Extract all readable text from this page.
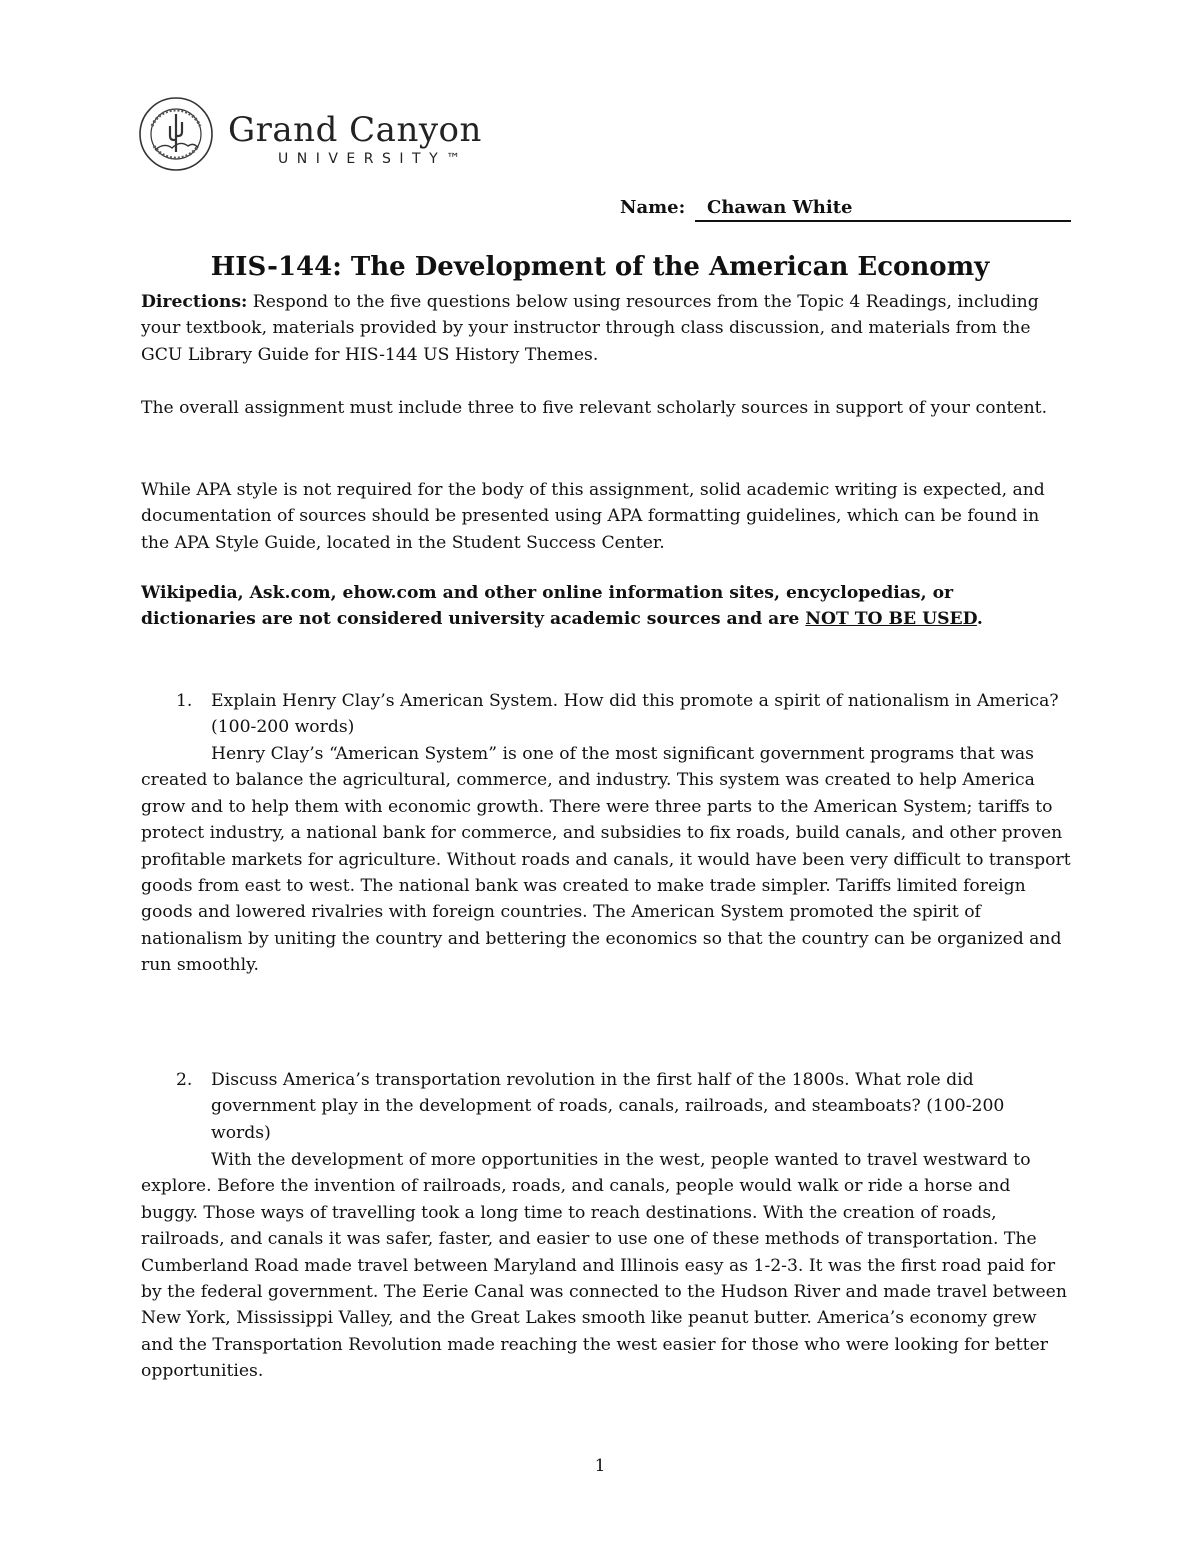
Grand Canyon
UNIVERSITY™
Name:	Chawan White
HIS-144: The Development of the American Economy

Directions: Respond to the five questions below using resources from the Topic 4 Readings, including your textbook, materials provided by your instructor through class discussion, and materials from the GCU Library Guide for HIS-144 US History Themes.

The overall assignment must include three to five relevant scholarly sources in support of your content.

While APA style is not required for the body of this assignment, solid academic writing is expected, and documentation of sources should be presented using APA formatting guidelines, which can be found in the APA Style Guide, located in the Student Success Center.

Wikipedia, Ask.com, ehow.com and other online information sites, encyclopedias, or dictionaries are not considered university academic sources and are NOT TO BE USED.

1. Explain Henry Clay’s American System. How did this promote a spirit of nationalism in America? (100-200 words)

Henry Clay’s “American System” is one of the most significant government programs that was created to balance the agricultural, commerce, and industry. This system was created to help America grow and to help them with economic growth. There were three parts to the American System; tariffs to protect industry, a national bank for commerce, and subsidies to fix roads, build canals, and other proven profitable markets for agriculture. Without roads and canals, it would have been very difficult to transport goods from east to west. The national bank was created to make trade simpler. Tariffs limited foreign goods and lowered rivalries with foreign countries. The American System promoted the spirit of nationalism by uniting the country and bettering the economics so that the country can be organized and run smoothly.

2. Discuss America’s transportation revolution in the first half of the 1800s. What role did government play in the development of roads, canals, railroads, and steamboats? (100-200 words)

With the development of more opportunities in the west, people wanted to travel westward to explore. Before the invention of railroads, roads, and canals, people would walk or ride a horse and buggy. Those ways of travelling took a long time to reach destinations. With the creation of roads, railroads, and canals it was safer, faster, and easier to use one of these methods of transportation. The Cumberland Road made travel between Maryland and Illinois easy as 1-2-3. It was the first road paid for by the federal government. The Eerie Canal was connected to the Hudson River and made travel between New York, Mississippi Valley, and the Great Lakes smooth like peanut butter. America’s economy grew and the Transportation Revolution made reaching the west easier for those who were looking for better opportunities.

1
